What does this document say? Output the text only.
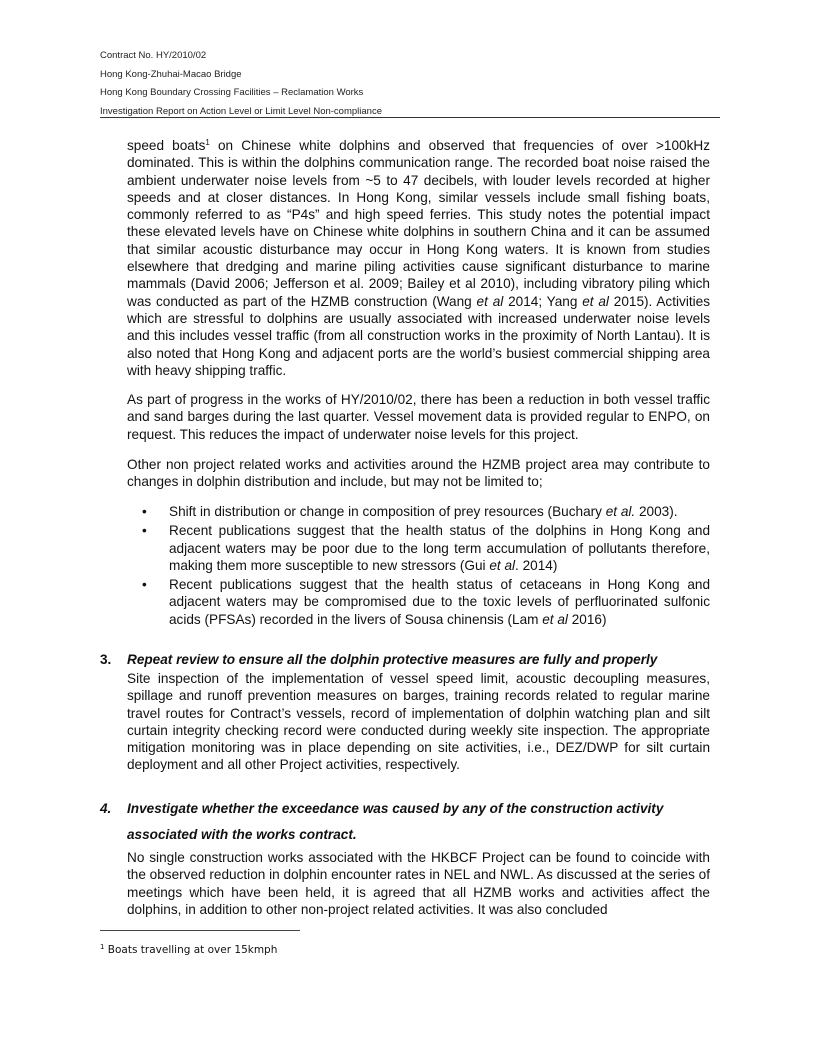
Contract No. HY/2010/02
Hong Kong-Zhuhai-Macao Bridge
Hong Kong Boundary Crossing Facilities – Reclamation Works
Investigation Report on Action Level or Limit Level Non-compliance

speed boats$^1$ on Chinese white dolphins and observed that frequencies of over >100kHz dominated. This is within the dolphins communication range. The recorded boat noise raised the ambient underwater noise levels from ~5 to 47 decibels, with louder levels recorded at higher speeds and at closer distances. In Hong Kong, similar vessels include small fishing boats, commonly referred to as “P4s” and high speed ferries. This study notes the potential impact these elevated levels have on Chinese white dolphins in southern China and it can be assumed that similar acoustic disturbance may occur in Hong Kong waters. It is known from studies elsewhere that dredging and marine piling activities cause significant disturbance to marine mammals (David 2006; Jefferson et al. 2009; Bailey et al 2010), including vibratory piling which was conducted as part of the HZMB construction (Wang et al 2014; Yang et al 2015). Activities which are stressful to dolphins are usually associated with increased underwater noise levels and this includes vessel traffic (from all construction works in the proximity of North Lantau). It is also noted that Hong Kong and adjacent ports are the world’s busiest commercial shipping area with heavy shipping traffic.

As part of progress in the works of HY/2010/02, there has been a reduction in both vessel traffic and sand barges during the last quarter. Vessel movement data is provided regular to ENPO, on request. This reduces the impact of underwater noise levels for this project.

Other non project related works and activities around the HZMB project area may contribute to changes in dolphin distribution and include, but may not be limited to;

• Shift in distribution or change in composition of prey resources (Buchary et al. 2003).
• Recent publications suggest that the health status of the dolphins in Hong Kong and adjacent waters may be poor due to the long term accumulation of pollutants therefore, making them more susceptible to new stressors (Gui et al. 2014)
• Recent publications suggest that the health status of cetaceans in Hong Kong and adjacent waters may be compromised due to the toxic levels of perfluorinated sulfonic acids (PFSAs) recorded in the livers of Sousa chinensis (Lam et al 2016)
3. Repeat review to ensure all the dolphin protective measures are fully and properly

Site inspection of the implementation of vessel speed limit, acoustic decoupling measures, spillage and runoff prevention measures on barges, training records related to regular marine travel routes for Contract’s vessels, record of implementation of dolphin watching plan and silt curtain integrity checking record were conducted during weekly site inspection. The appropriate mitigation monitoring was in place depending on site activities, i.e., DEZ/DWP for silt curtain deployment and all other Project activities, respectively.

4. Investigate whether the exceedance was caused by any of the construction activity
associated with the works contract.

No single construction works associated with the HKBCF Project can be found to coincide with the observed reduction in dolphin encounter rates in NEL and NWL. As discussed at the series of meetings which have been held, it is agreed that all HZMB works and activities affect the dolphins, in addition to other non-project related activities. It was also concluded

$^1$ Boats travelling at over 15kmph
